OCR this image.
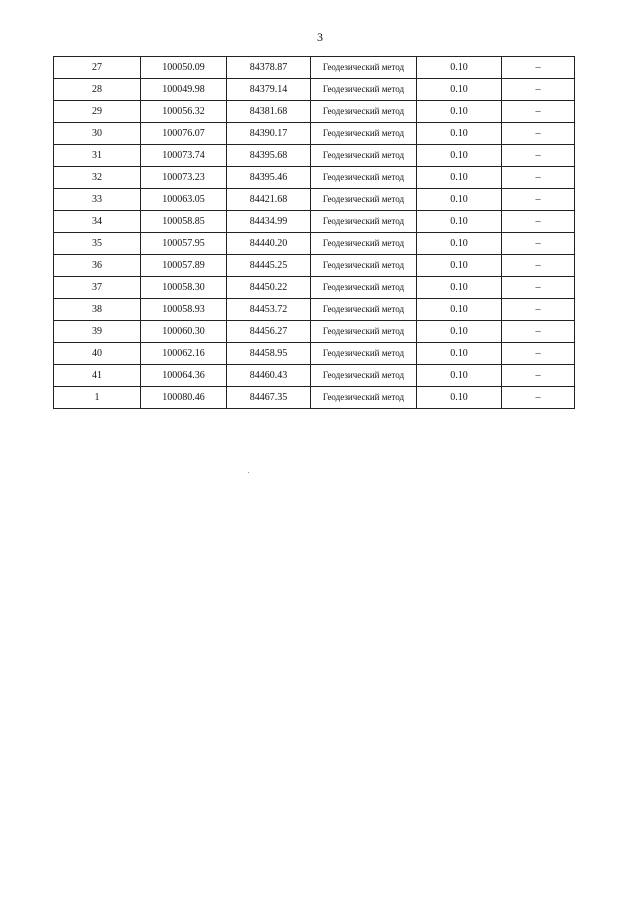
3
27	100050.09	84378.87	Геодезический метод	0.10	–
28	100049.98	84379.14	Геодезический метод	0.10	–
29	100056.32	84381.68	Геодезический метод	0.10	–
30	100076.07	84390.17	Геодезический метод	0.10	–
31	100073.74	84395.68	Геодезический метод	0.10	–
32	100073.23	84395.46	Геодезический метод	0.10	–
33	100063.05	84421.68	Геодезический метод	0.10	–
34	100058.85	84434.99	Геодезический метод	0.10	–
35	100057.95	84440.20	Геодезический метод	0.10	–
36	100057.89	84445.25	Геодезический метод	0.10	–
37	100058.30	84450.22	Геодезический метод	0.10	–
38	100058.93	84453.72	Геодезический метод	0.10	–
39	100060.30	84456.27	Геодезический метод	0.10	–
40	100062.16	84458.95	Геодезический метод	0.10	–
41	100064.36	84460.43	Геодезический метод	0.10	–
1	100080.46	84467.35	Геодезический метод	0.10	–
